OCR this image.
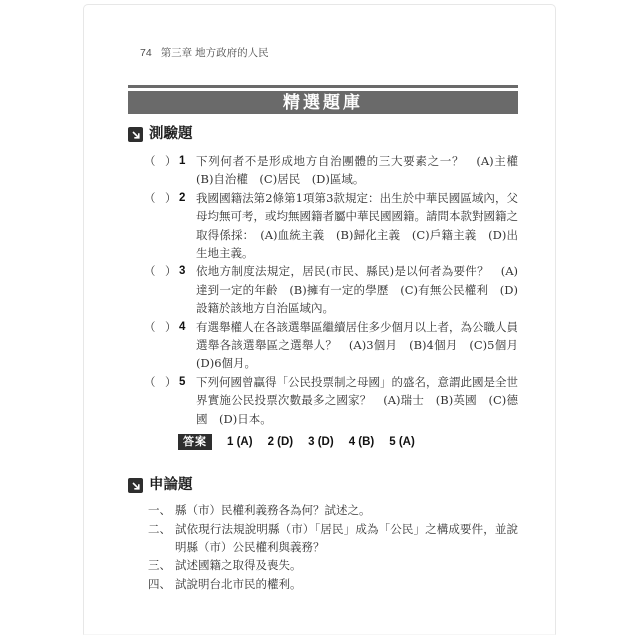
74 第三章 地方政府的人民
精選題庫
測驗題
（　） 1 下列何者不是形成地方自治團體的三大要素之一？　(A)主權　(B)自治權　(C)居民　(D)區域。
（　） 2 我國國籍法第2條第1項第3款規定：出生於中華民國區域內，父母均無可考，或均無國籍者屬中華民國國籍。請問本款對國籍之取得係採：　(A)血統主義　(B)歸化主義　(C)戶籍主義　(D)出生地主義。
（　） 3 依地方制度法規定，居民(市民、縣民)是以何者為要件？　(A)達到一定的年齡　(B)擁有一定的學歷　(C)有無公民權利　(D)設籍於該地方自治區域內。
（　） 4 有選舉權人在各該選舉區繼續居住多少個月以上者，為公職人員選舉各該選舉區之選舉人？　(A)3個月　(B)4個月　(C)5個月　(D)6個月。
（　） 5 下列何國曾贏得「公民投票制之母國」的盛名，意謂此國是全世界實施公民投票次數最多之國家？　(A)瑞士　(B)英國　(C)德國　(D)日本。
答案	1 (A) 2 (D) 3 (D) 4 (B) 5 (A)
申論題
一、 縣（市）民權利義務各為何？試述之。
二、 試依現行法規說明縣（市）「居民」成為「公民」之構成要件，並說明縣（市）公民權利與義務？
三、 試述國籍之取得及喪失。
四、 試說明台北市民的權利。
